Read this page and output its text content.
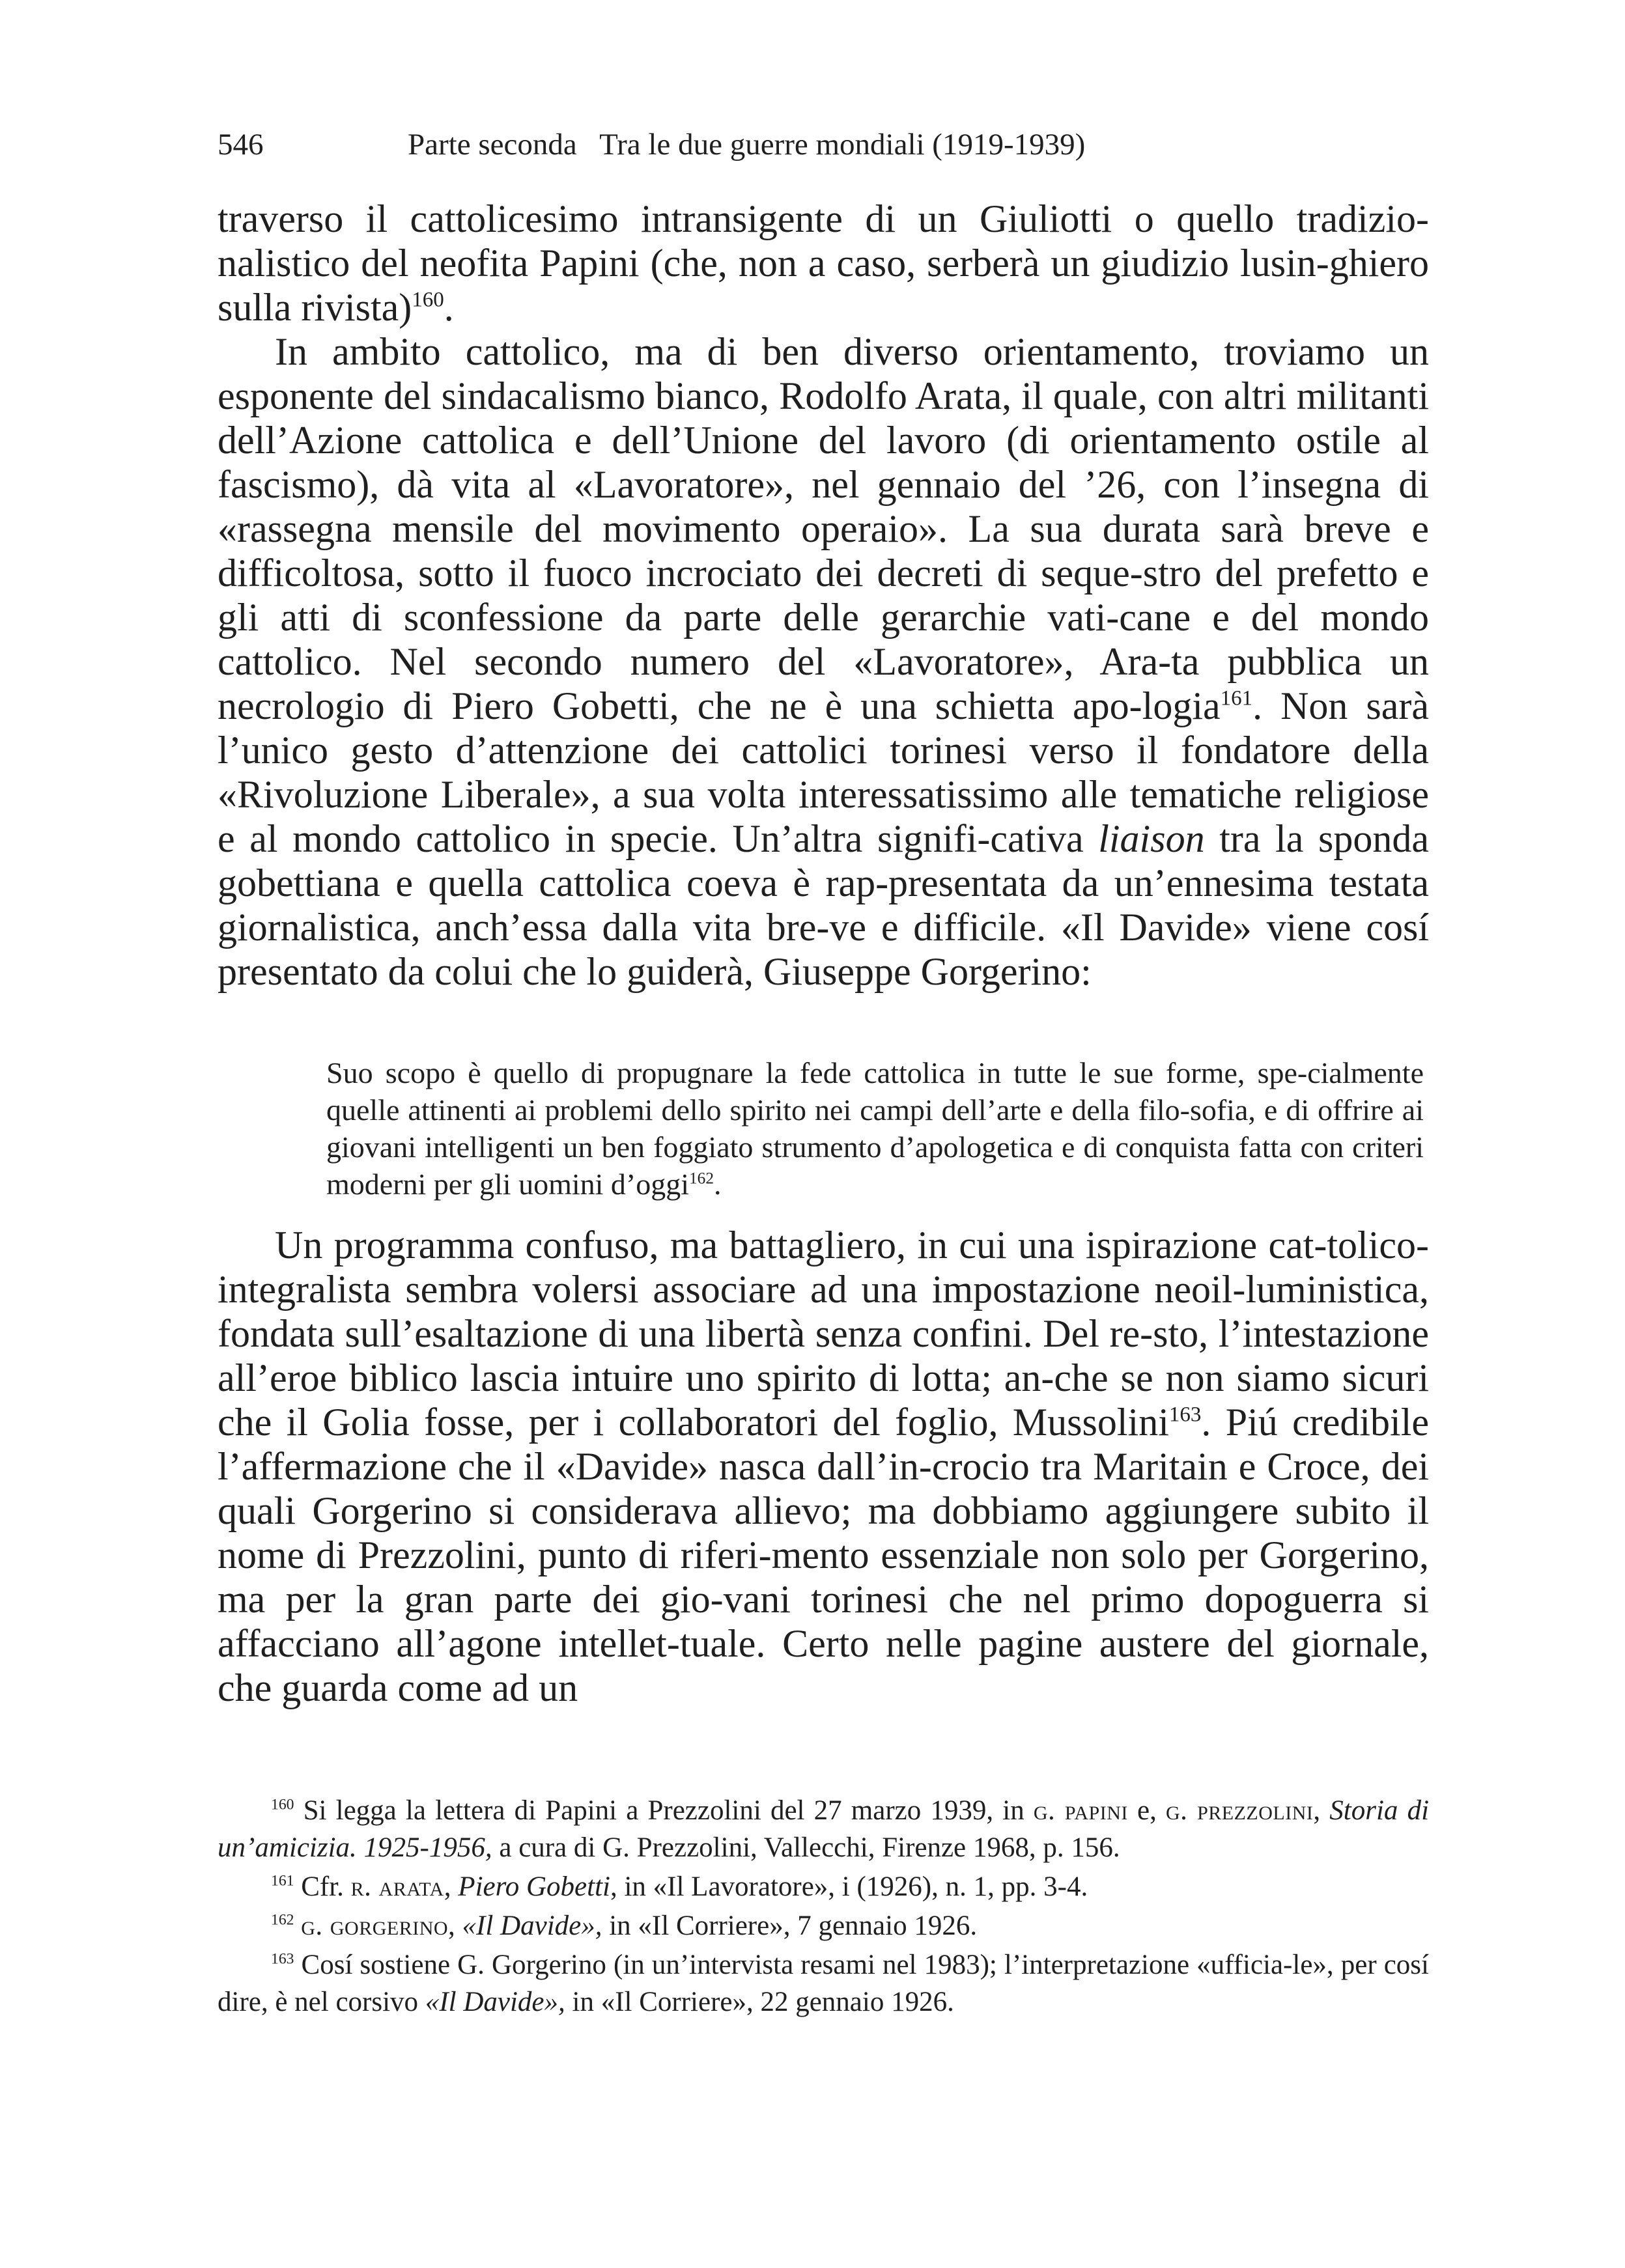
546	Parte seconda   Tra le due guerre mondiali (1919-1939)

traverso il cattolicesimo intransigente di un Giuliotti o quello tradizio-nalistico del neofita Papini (che, non a caso, serberà un giudizio lusin-ghiero sulla rivista)$^{160}$.

In ambito cattolico, ma di ben diverso orientamento, troviamo un esponente del sindacalismo bianco, Rodolfo Arata, il quale, con altri militanti dell’Azione cattolica e dell’Unione del lavoro (di orientamento ostile al fascismo), dà vita al «Lavoratore», nel gennaio del ’26, con l’insegna di «rassegna mensile del movimento operaio». La sua durata sarà breve e difficoltosa, sotto il fuoco incrociato dei decreti di seque-stro del prefetto e gli atti di sconfessione da parte delle gerarchie vati-cane e del mondo cattolico. Nel secondo numero del «Lavoratore», Ara-ta pubblica un necrologio di Piero Gobetti, che ne è una schietta apo-logia$^{161}$. Non sarà l’unico gesto d’attenzione dei cattolici torinesi verso il fondatore della «Rivoluzione Liberale», a sua volta interessatissimo alle tematiche religiose e al mondo cattolico in specie. Un’altra signifi-cativa liaison tra la sponda gobettiana e quella cattolica coeva è rap-presentata da un’ennesima testata giornalistica, anch’essa dalla vita bre-ve e difficile. «Il Davide» viene cosí presentato da colui che lo guiderà, Giuseppe Gorgerino:

Suo scopo è quello di propugnare la fede cattolica in tutte le sue forme, spe-cialmente quelle attinenti ai problemi dello spirito nei campi dell’arte e della filo-sofia, e di offrire ai giovani intelligenti un ben foggiato strumento d’apologetica e di conquista fatta con criteri moderni per gli uomini d’oggi$^{162}$.

Un programma confuso, ma battagliero, in cui una ispirazione cat-tolico-integralista sembra volersi associare ad una impostazione neoil-luministica, fondata sull’esaltazione di una libertà senza confini. Del re-sto, l’intestazione all’eroe biblico lascia intuire uno spirito di lotta; an-che se non siamo sicuri che il Golia fosse, per i collaboratori del foglio, Mussolini$^{163}$. Piú credibile l’affermazione che il «Davide» nasca dall’in-crocio tra Maritain e Croce, dei quali Gorgerino si considerava allievo; ma dobbiamo aggiungere subito il nome di Prezzolini, punto di riferi-mento essenziale non solo per Gorgerino, ma per la gran parte dei gio-vani torinesi che nel primo dopoguerra si affacciano all’agone intellet-tuale. Certo nelle pagine austere del giornale, che guarda come ad un

$^{160}$ Si legga la lettera di Papini a Prezzolini del 27 marzo 1939, in g. papini e, g. prezzolini, Storia di un’amicizia. 1925-1956, a cura di G. Prezzolini, Vallecchi, Firenze 1968, p. 156.

$^{161}$ Cfr. r. arata, Piero Gobetti, in «Il Lavoratore», i (1926), n. 1, pp. 3-4.

$^{162}$ g. gorgerino, «Il Davide», in «Il Corriere», 7 gennaio 1926.

$^{163}$ Cosí sostiene G. Gorgerino (in un’intervista resami nel 1983); l’interpretazione «ufficia-le», per cosí dire, è nel corsivo «Il Davide», in «Il Corriere», 22 gennaio 1926.
